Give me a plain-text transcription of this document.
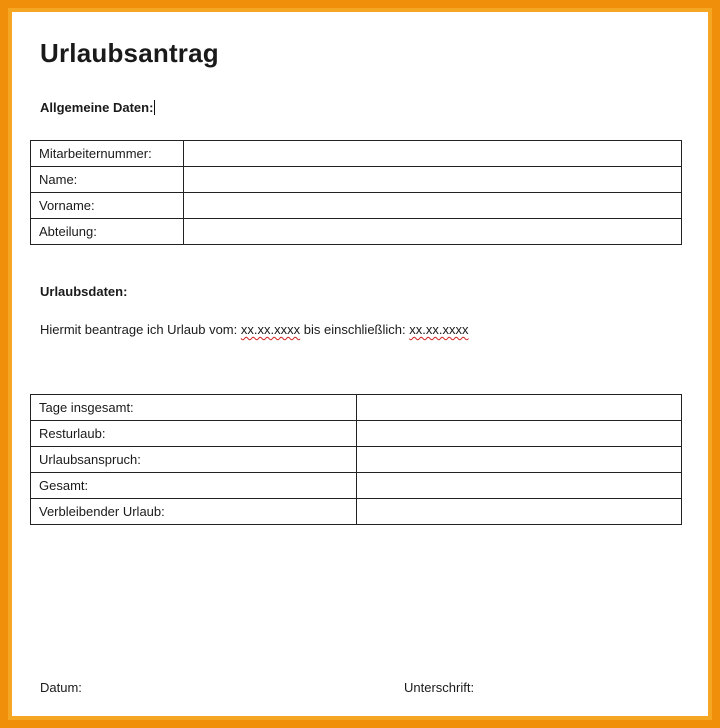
Urlaubsantrag
Allgemeine Daten:
Mitarbeiternummer:	
Name:	
Vorname:	
Abteilung:	
Urlaubsdaten:
Hiermit beantrage ich Urlaub vom: xx.xx.xxxx bis einschließlich: xx.xx.xxxx
Tage insgesamt:	
Resturlaub:	
Urlaubsanspruch:	
Gesamt:	
Verbleibender Urlaub:	
Datum:	Unterschrift:
